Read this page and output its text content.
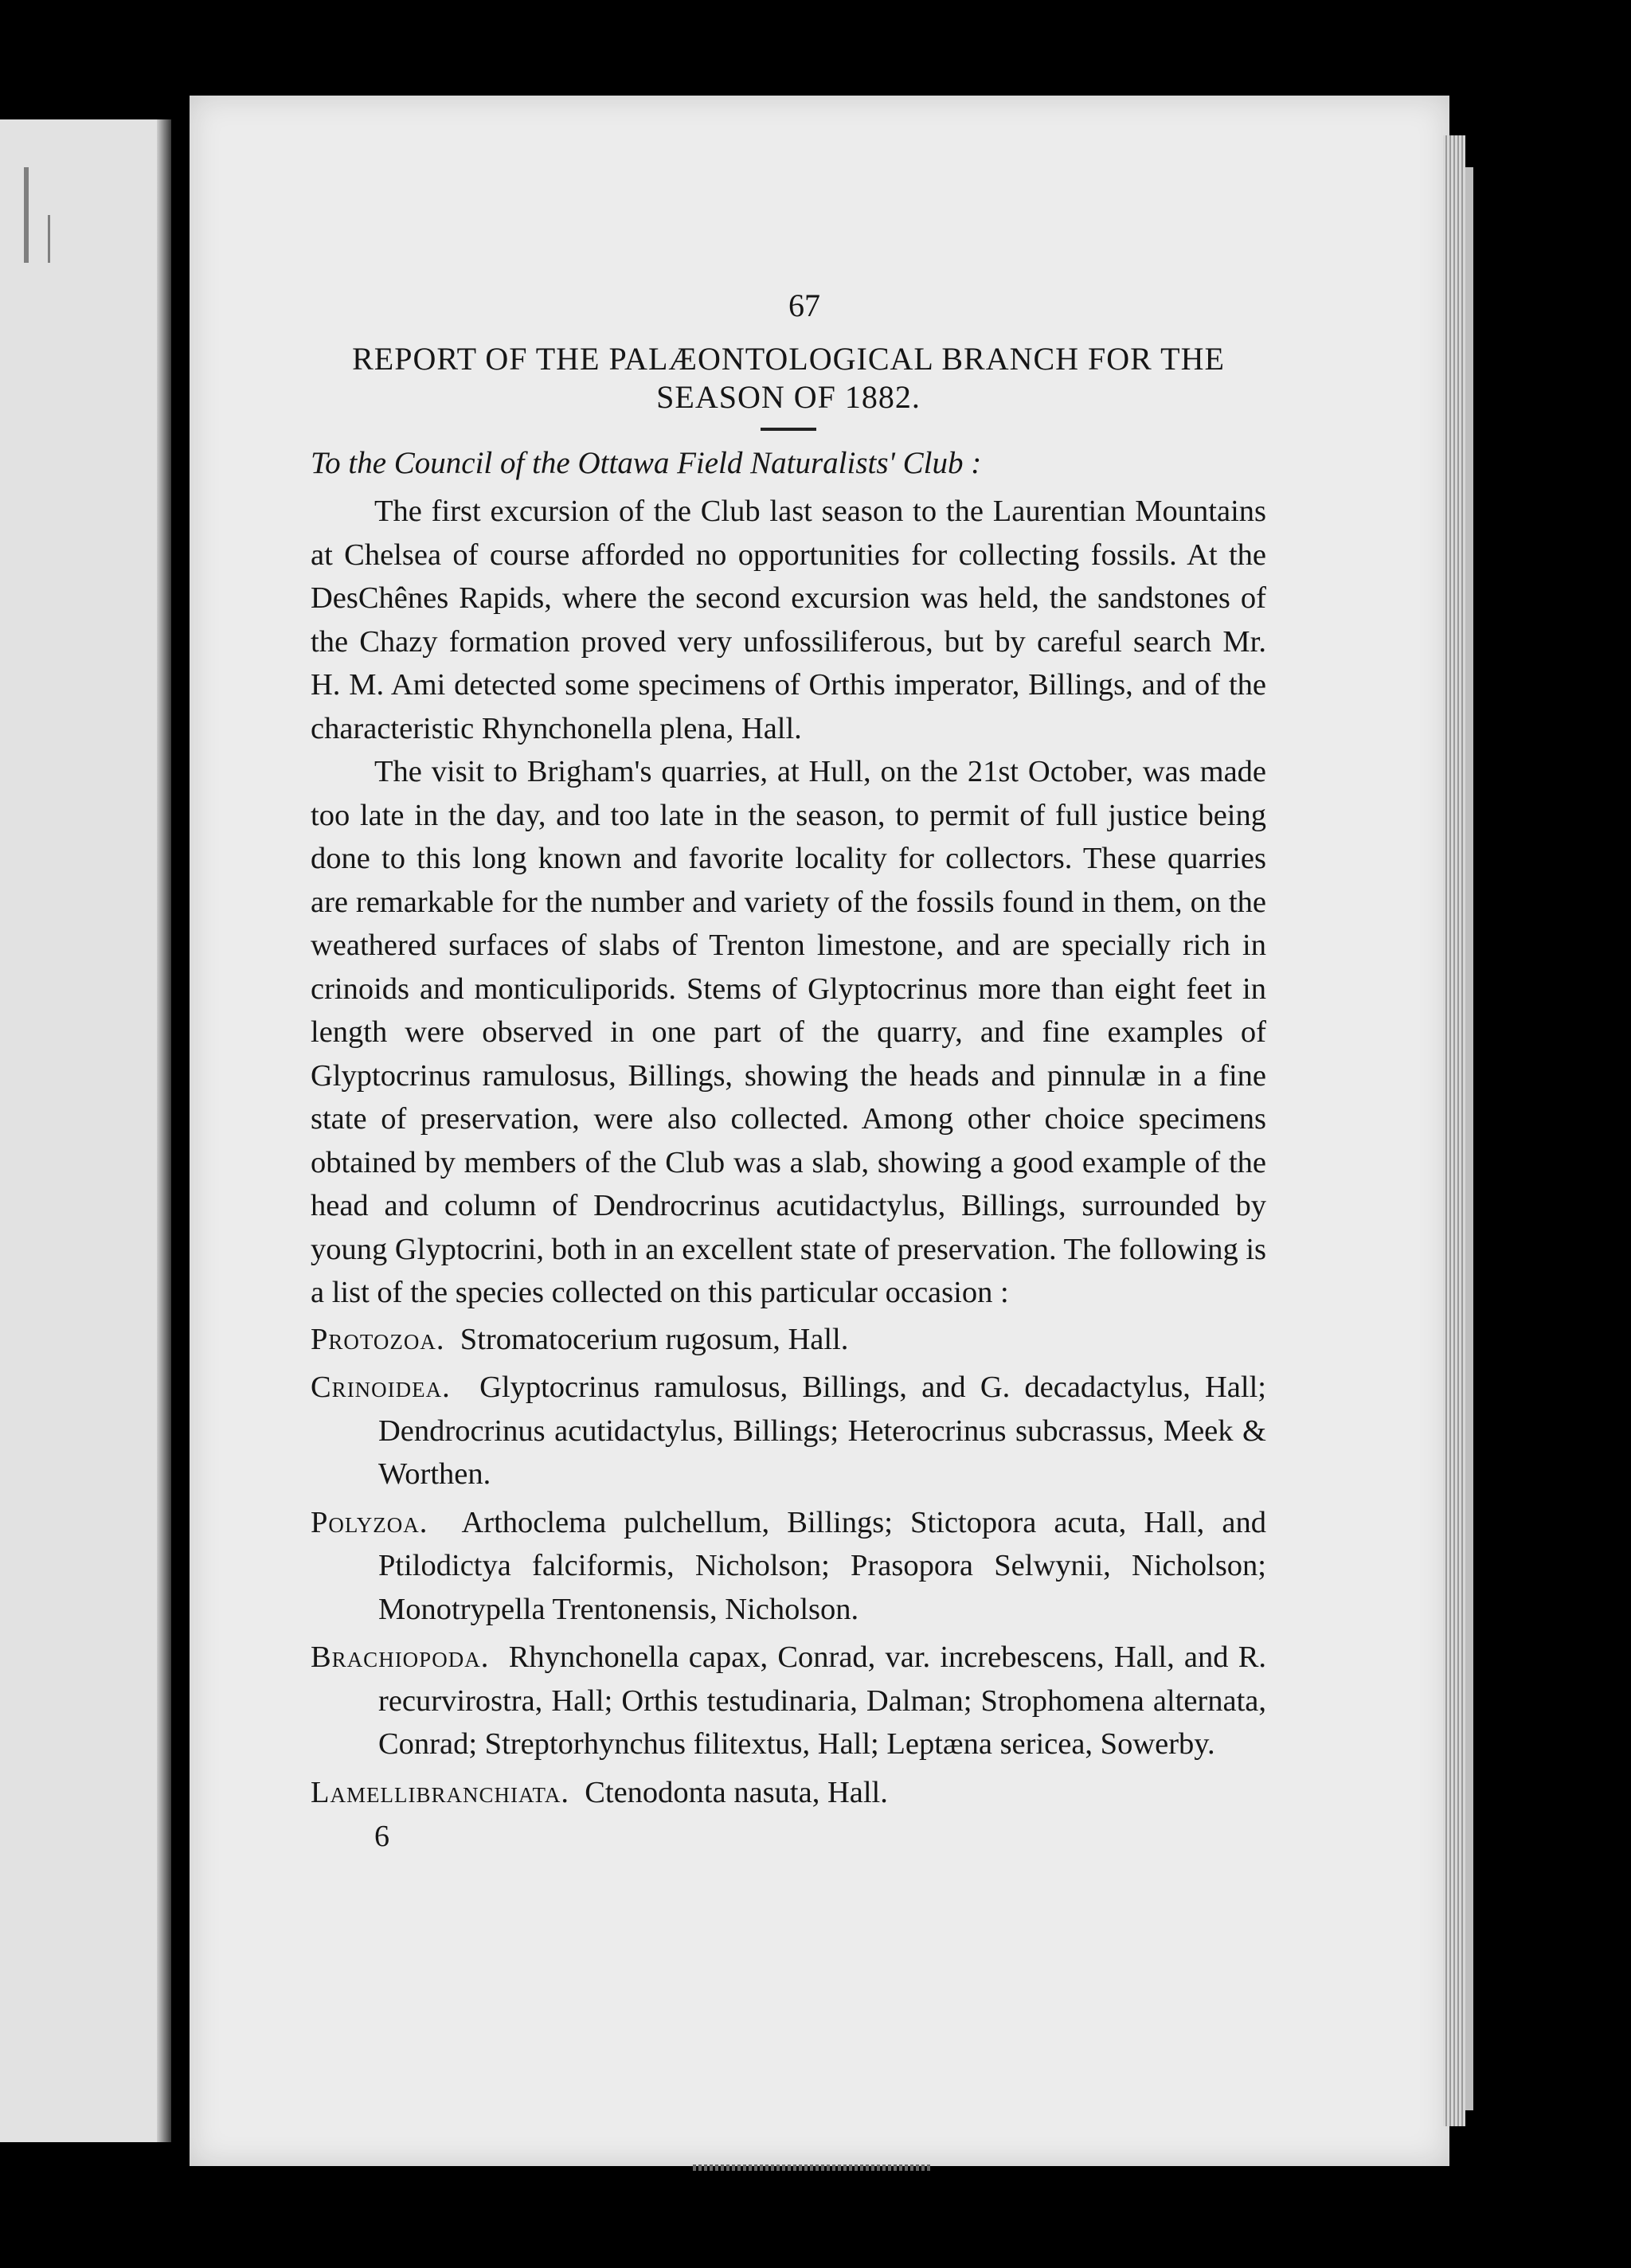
67
REPORT OF THE PALÆONTOLOGICAL BRANCH FOR THE SEASON OF 1882.
To the Council of the Ottawa Field Naturalists' Club :

The first excursion of the Club last season to the Laurentian Mountains at Chelsea of course afforded no opportunities for collecting fossils. At the DesChênes Rapids, where the second excursion was held, the sandstones of the Chazy formation proved very unfossiliferous, but by careful search Mr. H. M. Ami detected some specimens of Orthis imperator, Billings, and of the characteristic Rhynchonella plena, Hall.

The visit to Brigham's quarries, at Hull, on the 21st October, was made too late in the day, and too late in the season, to permit of full justice being done to this long known and favorite locality for collectors. These quarries are remarkable for the number and variety of the fossils found in them, on the weathered surfaces of slabs of Trenton limestone, and are specially rich in crinoids and monticuliporids. Stems of Glyptocrinus more than eight feet in length were observed in one part of the quarry, and fine examples of Glyptocrinus ramulosus, Billings, showing the heads and pinnulæ in a fine state of preservation, were also collected. Among other choice specimens obtained by members of the Club was a slab, showing a good example of the head and column of Dendrocrinus acutidactylus, Billings, surrounded by young Glyptocrini, both in an excellent state of preservation. The following is a list of the species collected on this particular occasion :

Protozoa. Stromatocerium rugosum, Hall.
Crinoidea. Glyptocrinus ramulosus, Billings, and G. decadactylus, Hall; Dendrocrinus acutidactylus, Billings; Heterocrinus subcrassus, Meek & Worthen.
Polyzoa. Arthoclema pulchellum, Billings; Stictopora acuta, Hall, and Ptilodictya falciformis, Nicholson; Prasopora Selwynii, Nicholson; Monotrypella Trentonensis, Nicholson.
Brachiopoda. Rhynchonella capax, Conrad, var. increbescens, Hall, and R. recurvirostra, Hall; Orthis testudinaria, Dalman; Strophomena alternata, Conrad; Streptorhynchus filitextus, Hall; Leptæna sericea, Sowerby.
Lamellibranchiata. Ctenodonta nasuta, Hall.
6
